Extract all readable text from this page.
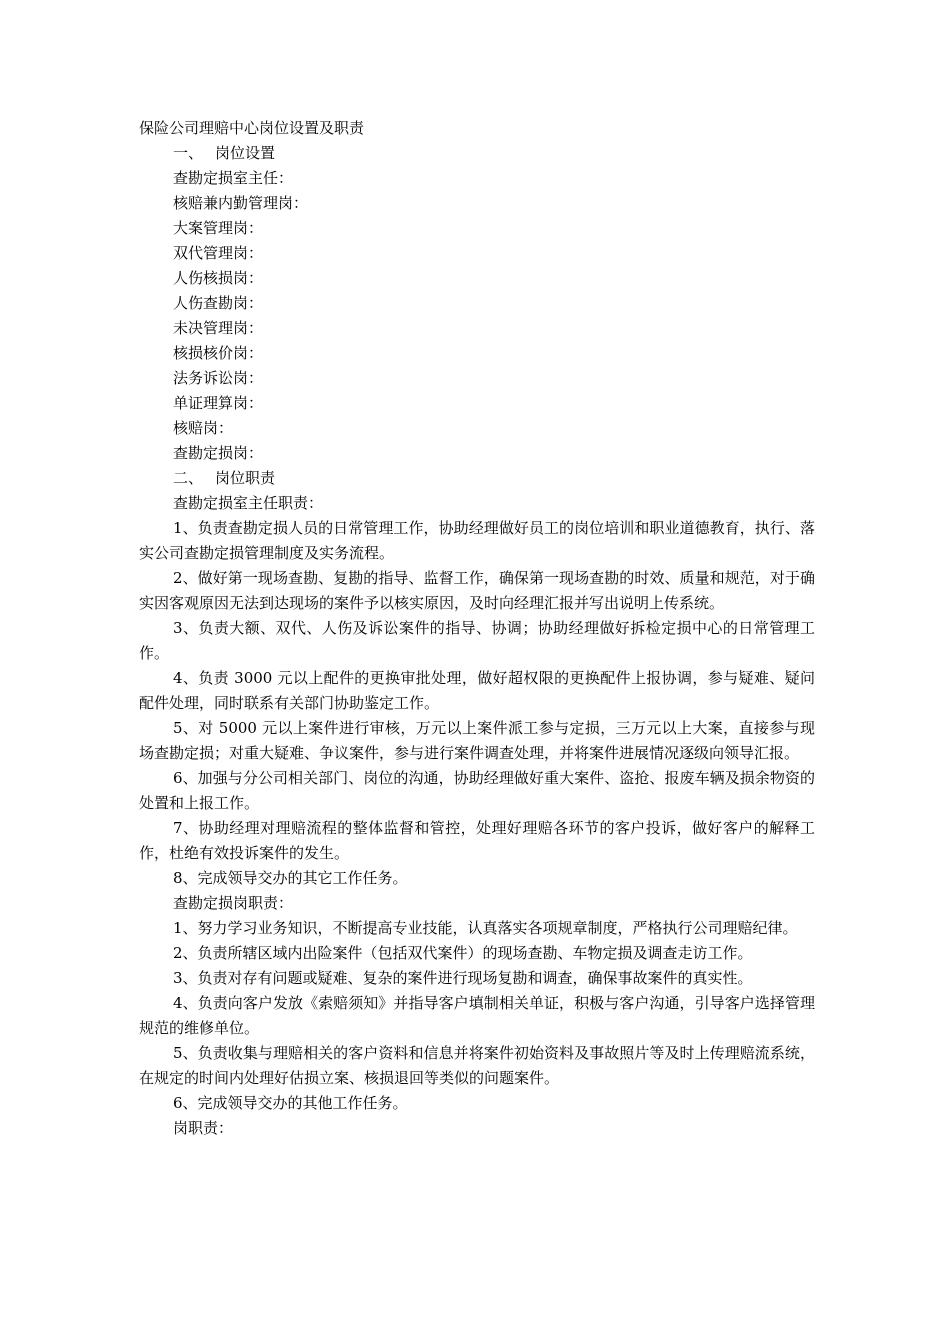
保险公司理赔中心岗位设置及职责

一、 岗位设置

查勘定损室主任：

核赔兼内勤管理岗：

大案管理岗：

双代管理岗：

人伤核损岗：

人伤查勘岗：

未决管理岗：

核损核价岗：

法务诉讼岗：

单证理算岗：

核赔岗：

查勘定损岗：

二、 岗位职责

查勘定损室主任职责：

1、负责查勘定损人员的日常管理工作，协助经理做好员工的岗位培训和职业道德教育，执行、落实公司查勘定损管理制度及实务流程。

2、做好第一现场查勘、复勘的指导、监督工作，确保第一现场查勘的时效、质量和规范，对于确实因客观原因无法到达现场的案件予以核实原因，及时向经理汇报并写出说明上传系统。

3、负责大额、双代、人伤及诉讼案件的指导、协调；协助经理做好拆检定损中心的日常管理工作。

4、负责 3000 元以上配件的更换审批处理，做好超权限的更换配件上报协调，参与疑难、疑问配件处理，同时联系有关部门协助鉴定工作。

5、对 5000 元以上案件进行审核，万元以上案件派工参与定损，三万元以上大案，直接参与现场查勘定损；对重大疑难、争议案件，参与进行案件调查处理，并将案件进展情况逐级向领导汇报。

6、加强与分公司相关部门、岗位的沟通，协助经理做好重大案件、盗抢、报废车辆及损余物资的处置和上报工作。

7、协助经理对理赔流程的整体监督和管控，处理好理赔各环节的客户投诉，做好客户的解释工作，杜绝有效投诉案件的发生。

8、完成领导交办的其它工作任务。

查勘定损岗职责：

1、努力学习业务知识，不断提高专业技能，认真落实各项规章制度，严格执行公司理赔纪律。

2、负责所辖区域内出险案件（包括双代案件）的现场查勘、车物定损及调查走访工作。

3、负责对存有问题或疑难、复杂的案件进行现场复勘和调查，确保事故案件的真实性。

4、负责向客户发放《索赔须知》并指导客户填制相关单证，积极与客户沟通，引导客户选择管理规范的维修单位。

5、负责收集与理赔相关的客户资料和信息并将案件初始资料及事故照片等及时上传理赔流系统，在规定的时间内处理好估损立案、核损退回等类似的问题案件。

6、完成领导交办的其他工作任务。

岗职责：
